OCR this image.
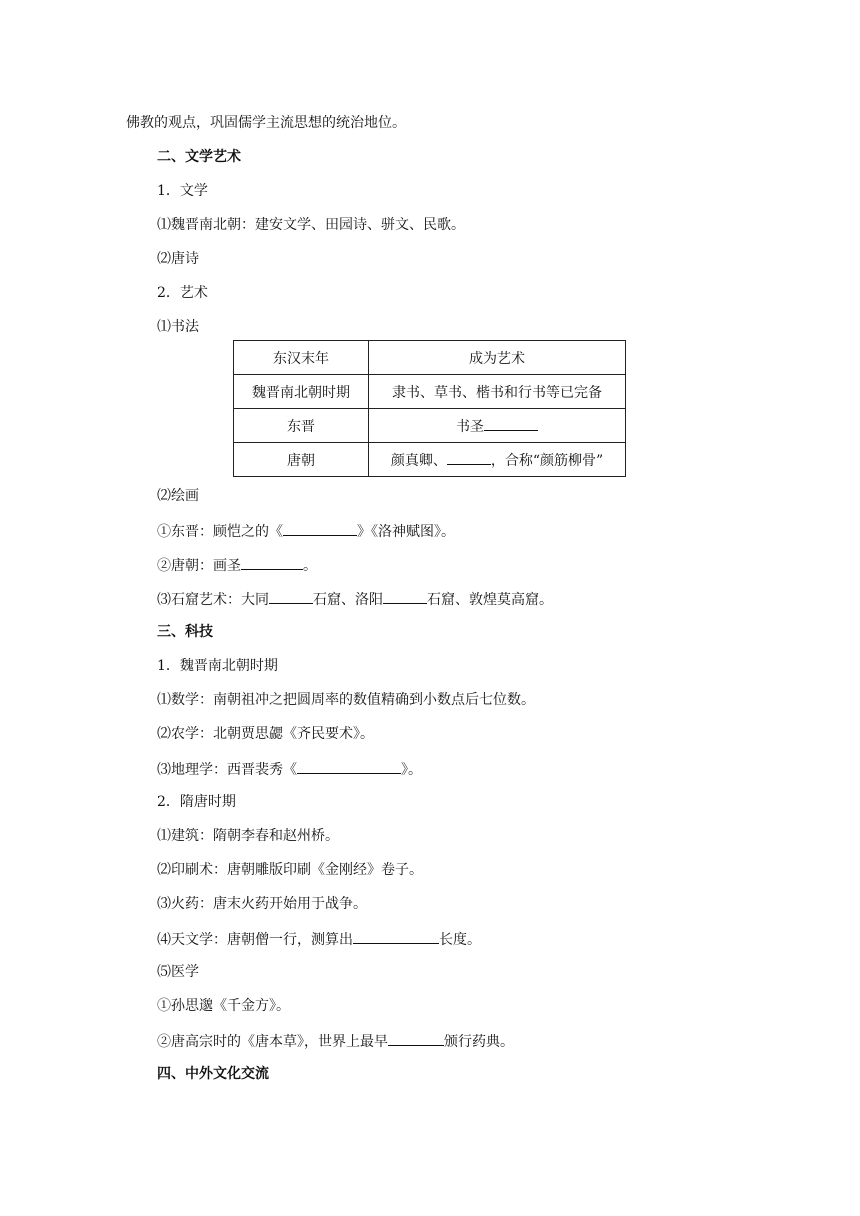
佛教的观点，巩固儒学主流思想的统治地位。
二、文学艺术
1．文学
⑴魏晋南北朝：建安文学、田园诗、骈文、民歌。
⑵唐诗
2．艺术
⑴书法
东汉末年	成为艺术
魏晋南北朝时期	隶书、草书、楷书和行书等已完备
东晋	书圣
唐朝	颜真卿、 ，合称“颜筋柳骨”
⑵绘画
①东晋：顾恺之的《	》《洛神赋图》。
②唐朝：画圣	。
⑶石窟艺术：大同	石窟、洛阳	石窟、敦煌莫高窟。
三、科技
1．魏晋南北朝时期
⑴数学：南朝祖冲之把圆周率的数值精确到小数点后七位数。
⑵农学：北朝贾思勰《齐民要术》。
⑶地理学：西晋裴秀《	》。
2．隋唐时期
⑴建筑：隋朝李春和赵州桥。
⑵印刷术：唐朝雕版印刷《金刚经》卷子。
⑶火药：唐末火药开始用于战争。
⑷天文学：唐朝僧一行，测算出	长度。
⑸医学
①孙思邈《千金方》。
②唐高宗时的《唐本草》，世界上最早	颁行药典。
四、中外文化交流
